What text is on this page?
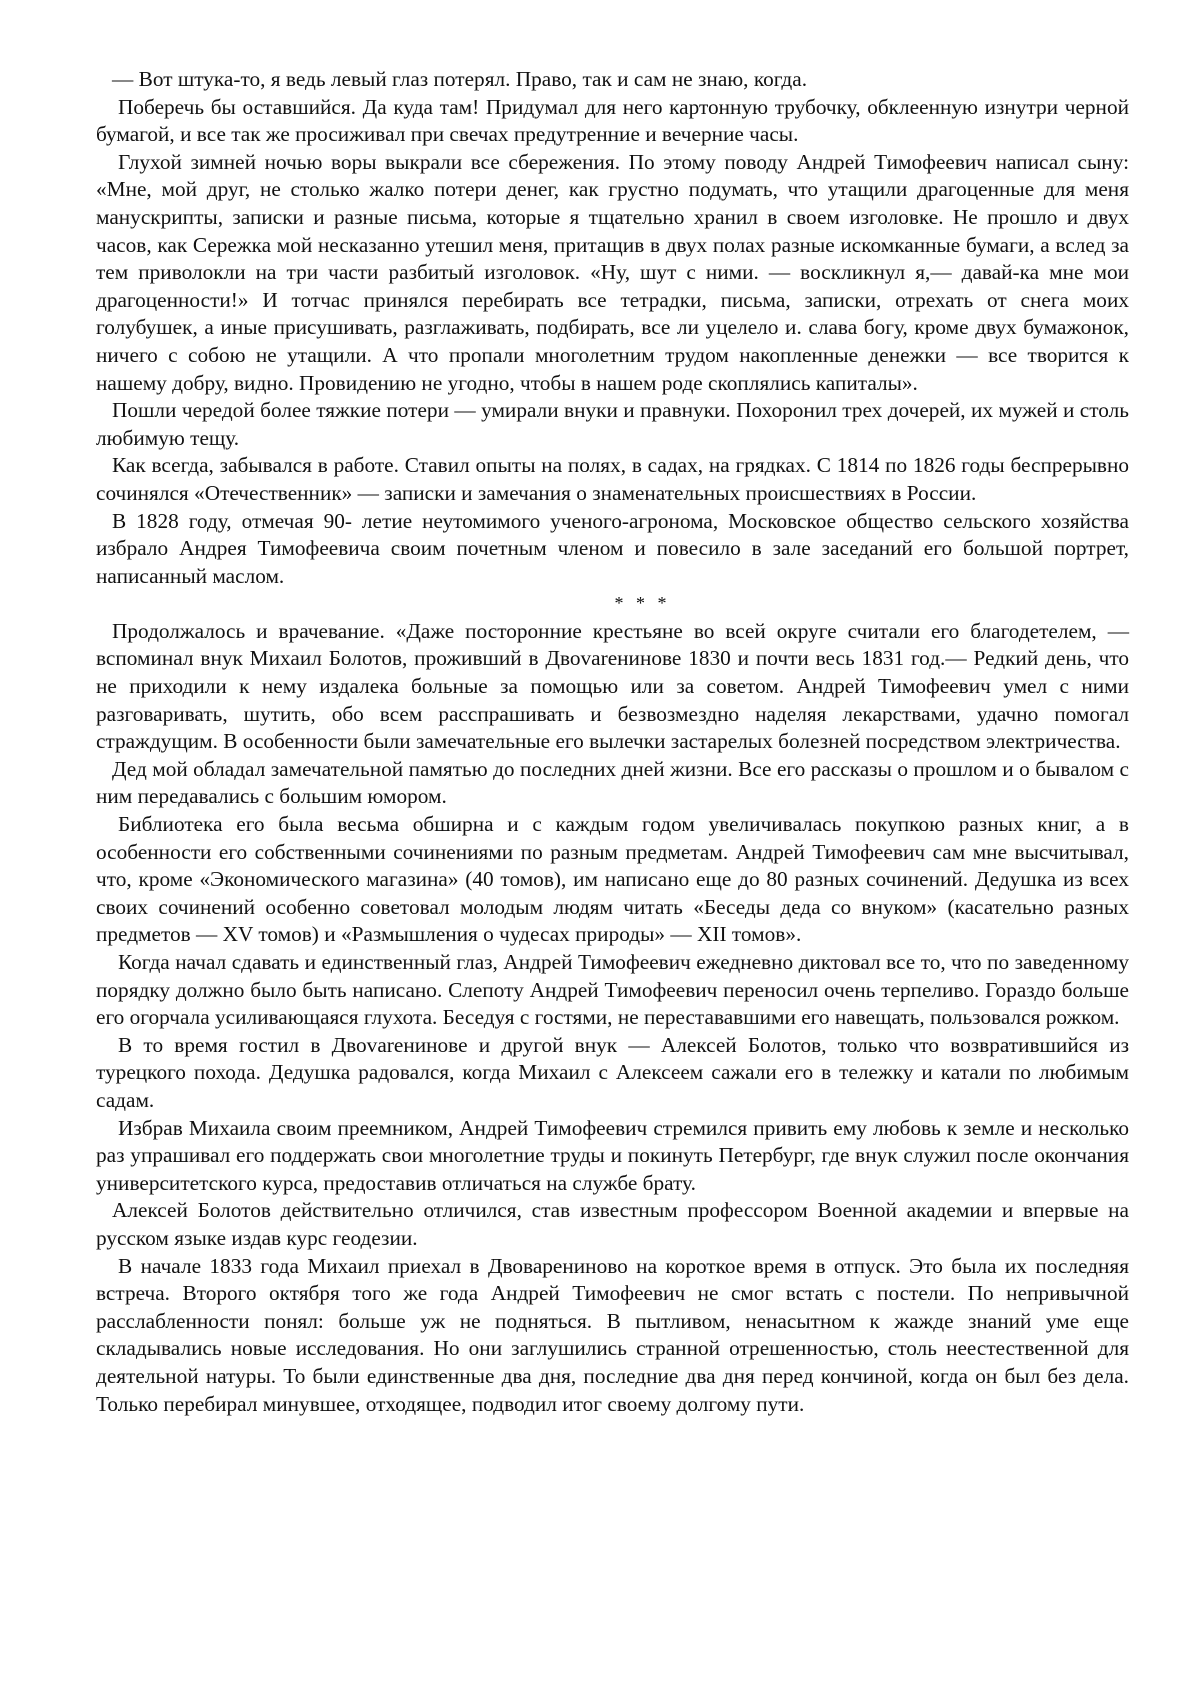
— Вот штука-то, я ведь левый глаз потерял. Право, так и сам не знаю, когда.

Поберечь бы оставшийся. Да куда там! Придумал для него картонную трубочку, обклеенную изнутри черной бумагой, и все так же просиживал при свечах предутренние и вечерние часы.

Глухой зимней ночью воры выкрали все сбережения. По этому поводу Андрей Тимофеевич написал сыну: «Мне, мой друг, не столько жалко потери денег, как грустно подумать, что утащили драгоценные для меня манускрипты, записки и разные письма, которые я тщательно хранил в своем изголовке. Не прошло и двух часов, как Сережка мой несказанно утешил меня, притащив в двух полах разные искомканные бумаги, а вслед за тем приволокли на три части разбитый изголовок. «Ну, шут с ними. — воскликнул я,— давай-ка мне мои драгоценности!» И тотчас принялся перебирать все тетрадки, письма, записки, отрехать от снега моих голубушек, а иные присушивать, разглаживать, подбирать, все ли уцелело и. слава богу, кроме двух бумажонок, ничего с собою не утащили. А что пропали многолетним трудом накопленные денежки — все творится к нашему добру, видно. Провидению не угодно, чтобы в нашем роде скоплялись капиталы».

Пошли чередой более тяжкие потери — умирали внуки и правнуки. Похоронил трех дочерей, их мужей и столь любимую тещу.

Как всегда, забывался в работе. Ставил опыты на полях, в садах, на грядках. С 1814 по 1826 годы беспрерывно сочинялся «Отечественник» — записки и замечания о знаменательных происшествиях в России.

В 1828 году, отмечая 90- летие неутомимого ученого-агронома, Московское общество сельского хозяйства избрало Андрея Тимофеевича своим почетным членом и повесило в зале заседаний его большой портрет, написанный маслом.

* * *

Продолжалось и врачевание. «Даже посторонние крестьяне во всей округе считали его благодетелем, — вспоминал внук Михаил Болотов, проживший в Двоvarенинове 1830 и почти весь 1831 год.— Редкий день, что не приходили к нему издалека больные за помощью или за советом. Андрей Тимофеевич умел с ними разговаривать, шутить, обо всем расспрашивать и безвозмездно наделяя лекарствами, удачно помогал страждущим. В особенности были замечательные его вылечки застарелых болезней посредством электричества.

Дед мой обладал замечательной памятью до последних дней жизни. Все его рассказы о прошлом и о бывалом с ним передавались с большим юмором.

Библиотека его была весьма обширна и с каждым годом увеличивалась покупкою разных книг, а в особенности его собственными сочинениями по разным предметам. Андрей Тимофеевич сам мне высчитывал, что, кроме «Экономического магазина» (40 томов), им написано еще до 80 разных сочинений. Дедушка из всех своих сочинений особенно советовал молодым людям читать «Беседы деда со внуком» (касательно разных предметов — XV томов) и «Размышления о чудесах природы» — XII томов».

Когда начал сдавать и единственный глаз, Андрей Тимофеевич ежедневно диктовал все то, что по заведенному порядку должно было быть написано. Слепоту Андрей Тимофеевич переносил очень терпеливо. Гораздо больше его огорчала усиливающаяся глухота. Беседуя с гостями, не перестававшими его навещать, пользовался рожком.

В то время гостил в Двоvarенинове и другой внук — Алексей Болотов, только что возвратившийся из турецкого похода. Дедушка радовался, когда Михаил с Алексеем сажали его в тележку и катали по любимым садам.

Избрав Михаила своим преемником, Андрей Тимофеевич стремился привить ему любовь к земле и несколько раз упрашивал его поддержать свои многолетние труды и покинуть Петербург, где внук служил после окончания университетского курса, предоставив отличаться на службе брату.

Алексей Болотов действительно отличился, став известным профессором Военной академии и впервые на русском языке издав курс геодезии.

В начале 1833 года Михаил приехал в Двоварениново на короткое время в отпуск. Это была их последняя встреча. Второго октября того же года Андрей Тимофеевич не смог встать с постели. По непривычной расслабленности понял: больше уж не подняться. В пытливом, ненасытном к жажде знаний уме еще складывались новые исследования. Но они заглушились странной отрешенностью, столь неестественной для деятельной натуры. То были единственные два дня, последние два дня перед кончиной, когда он был без дела. Только перебирал минувшее, отходящее, подводил итог своему долгому пути.
